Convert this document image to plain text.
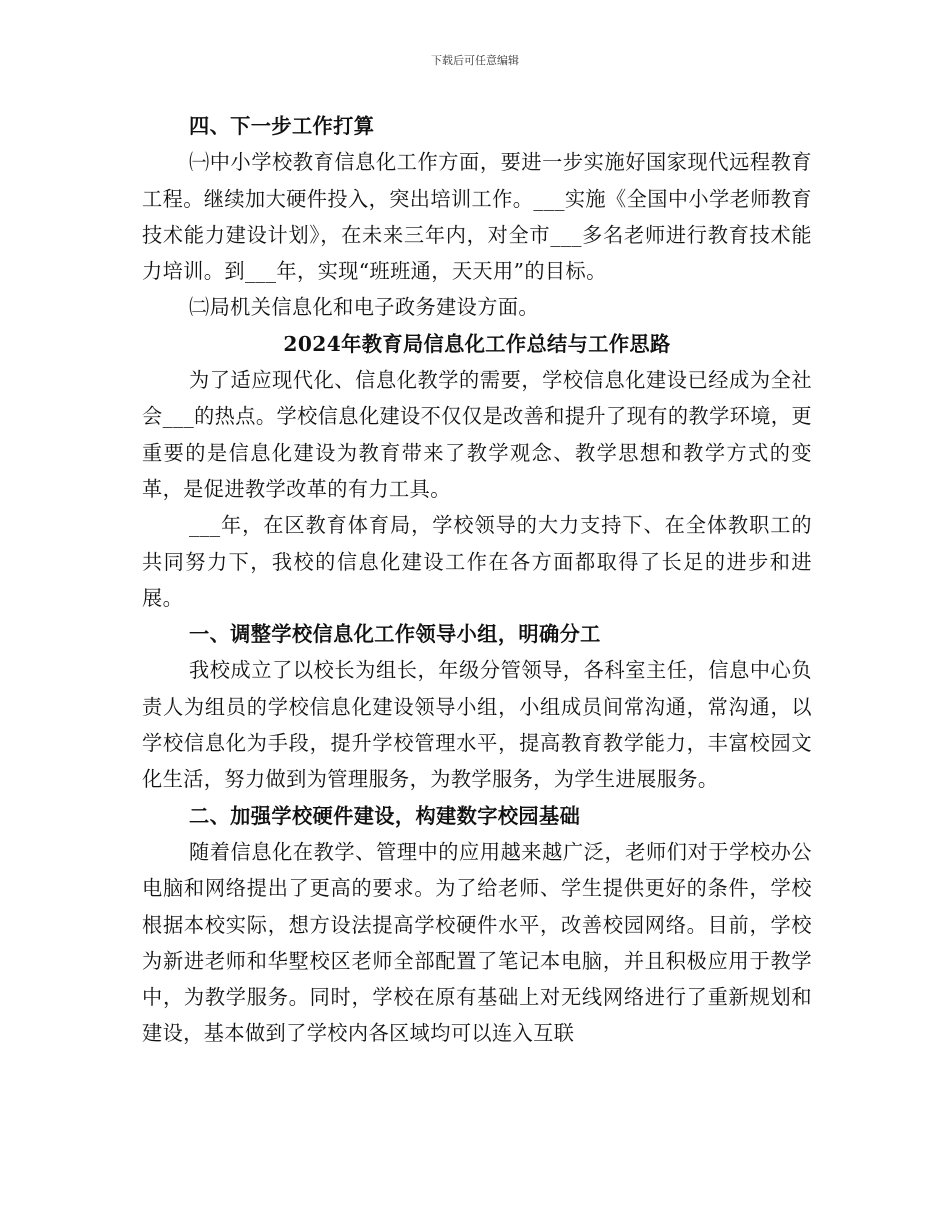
下载后可任意编辑

四、下一步工作打算

㈠中小学校教育信息化工作方面，要进一步实施好国家现代远程教育工程。继续加大硬件投入，突出培训工作。___实施《全国中小学老师教育技术能力建设计划》，在未来三年内，对全市___多名老师进行教育技术能力培训。到___年，实现“班班通，天天用”的目标。

㈡局机关信息化和电子政务建设方面。

2024年教育局信息化工作总结与工作思路

为了适应现代化、信息化教学的需要，学校信息化建设已经成为全社会___的热点。学校信息化建设不仅仅是改善和提升了现有的教学环境，更重要的是信息化建设为教育带来了教学观念、教学思想和教学方式的变革，是促进教学改革的有力工具。

___年，在区教育体育局，学校领导的大力支持下、在全体教职工的共同努力下，我校的信息化建设工作在各方面都取得了长足的进步和进展。

一、调整学校信息化工作领导小组，明确分工

我校成立了以校长为组长，年级分管领导，各科室主任，信息中心负责人为组员的学校信息化建设领导小组，小组成员间常沟通，常沟通，以学校信息化为手段，提升学校管理水平，提高教育教学能力，丰富校园文化生活，努力做到为管理服务，为教学服务，为学生进展服务。

二、加强学校硬件建设，构建数字校园基础

随着信息化在教学、管理中的应用越来越广泛，老师们对于学校办公电脑和网络提出了更高的要求。为了给老师、学生提供更好的条件，学校根据本校实际，想方设法提高学校硬件水平，改善校园网络。目前，学校为新进老师和华墅校区老师全部配置了笔记本电脑，并且积极应用于教学中，为教学服务。同时，学校在原有基础上对无线网络进行了重新规划和建设，基本做到了学校内各区域均可以连入互联
